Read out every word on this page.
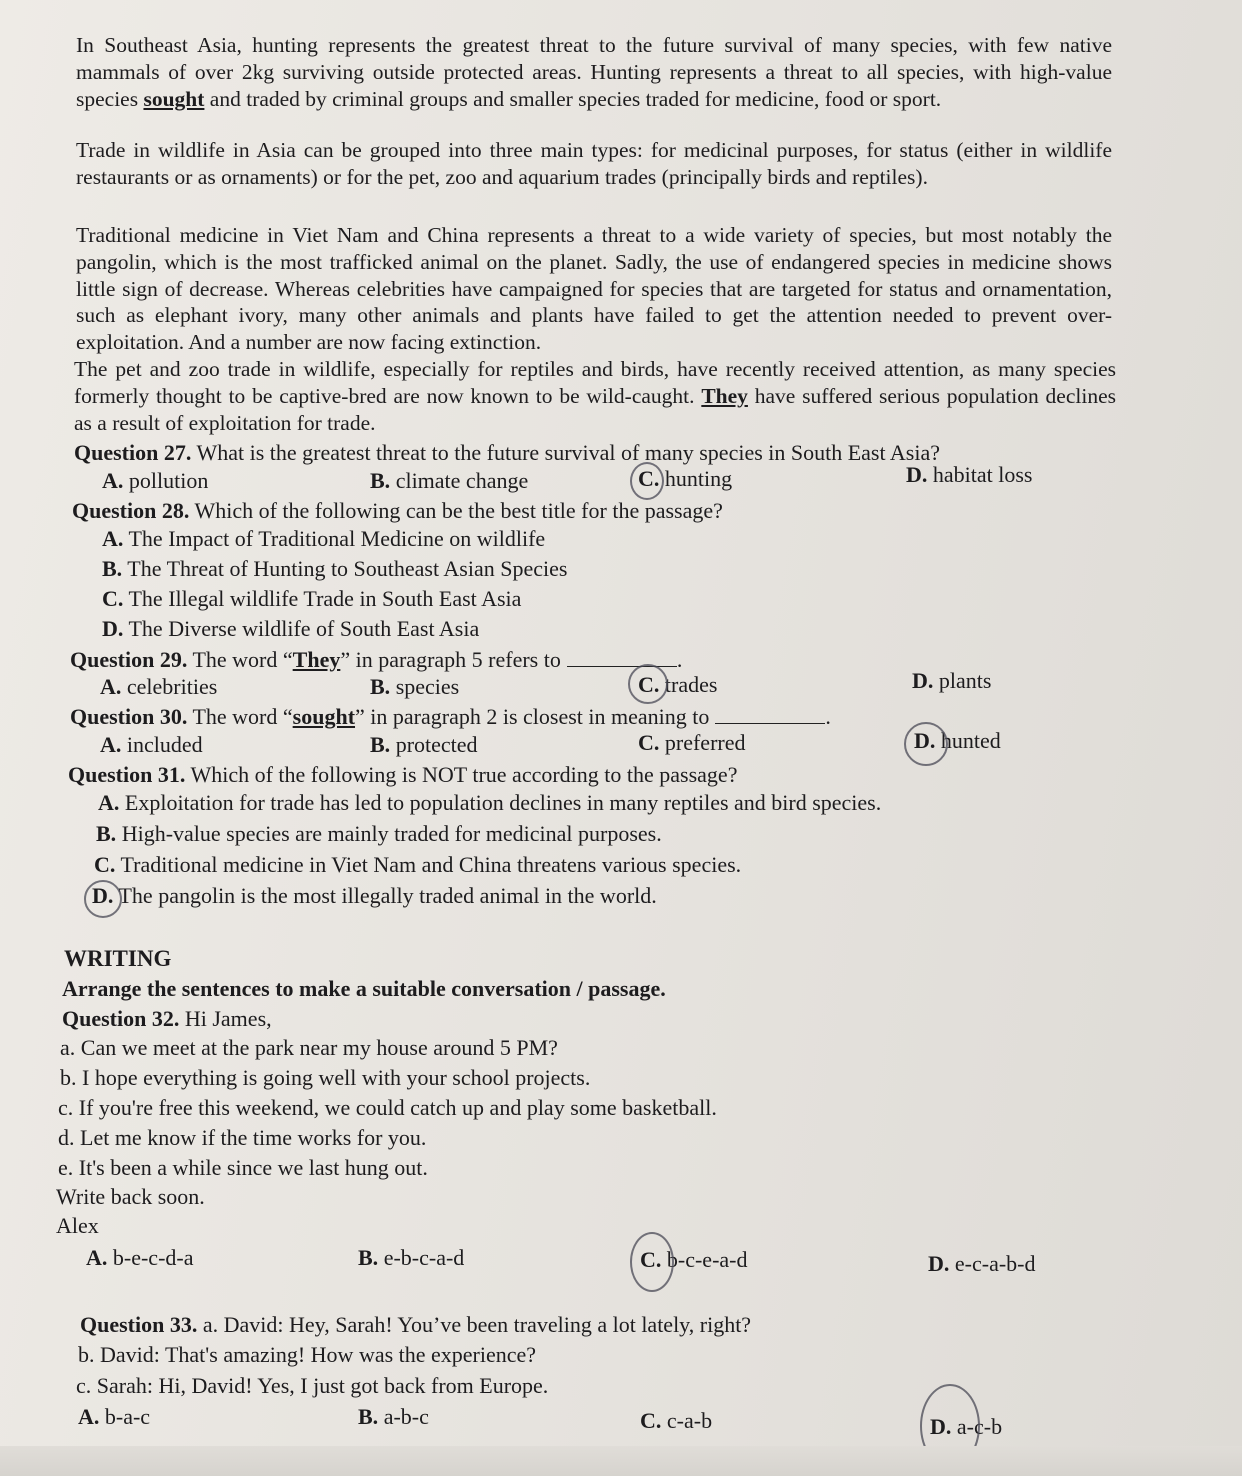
In Southeast Asia, hunting represents the greatest threat to the future survival of many species, with few native mammals of over 2kg surviving outside protected areas. Hunting represents a threat to all species, with high-value species sought and traded by criminal groups and smaller species traded for medicine, food or sport.
Trade in wildlife in Asia can be grouped into three main types: for medicinal purposes, for status (either in wildlife restaurants or as ornaments) or for the pet, zoo and aquarium trades (principally birds and reptiles).
Traditional medicine in Viet Nam and China represents a threat to a wide variety of species, but most notably the pangolin, which is the most trafficked animal on the planet. Sadly, the use of endangered species in medicine shows little sign of decrease. Whereas celebrities have campaigned for species that are targeted for status and ornamentation, such as elephant ivory, many other animals and plants have failed to get the attention needed to prevent over-exploitation. And a number are now facing extinction.
The pet and zoo trade in wildlife, especially for reptiles and birds, have recently received attention, as many species formerly thought to be captive-bred are now known to be wild-caught. They have suffered serious population declines as a result of exploitation for trade.
Question 27. What is the greatest threat to the future survival of many species in South East Asia?
A. pollution	B. climate change	C. hunting	D. habitat loss
Question 28. Which of the following can be the best title for the passage?
A. The Impact of Traditional Medicine on wildlife
B. The Threat of Hunting to Southeast Asian Species
C. The Illegal wildlife Trade in South East Asia
D. The Diverse wildlife of South East Asia
Question 29. The word “They” in paragraph 5 refers to	.
A. celebrities	B. species	C. trades	D. plants
Question 30. The word “sought” in paragraph 2 is closest in meaning to	.
A. included	B. protected	C. preferred	D. hunted
Question 31. Which of the following is NOT true according to the passage?
A. Exploitation for trade has led to population declines in many reptiles and bird species.
B. High-value species are mainly traded for medicinal purposes.
C. Traditional medicine in Viet Nam and China threatens various species.
D. The pangolin is the most illegally traded animal in the world.
WRITING
Arrange the sentences to make a suitable conversation / passage.
Question 32. Hi James,
a. Can we meet at the park near my house around 5 PM?
b. I hope everything is going well with your school projects.
c. If you're free this weekend, we could catch up and play some basketball.
d. Let me know if the time works for you.
e. It's been a while since we last hung out.
Write back soon.
Alex
A. b-e-c-d-a	B. e-b-c-a-d	C. b-c-e-a-d	D. e-c-a-b-d
Question 33. a. David: Hey, Sarah! You’ve been traveling a lot lately, right?
b. David: That's amazing! How was the experience?
c. Sarah: Hi, David! Yes, I just got back from Europe.
A. b-a-c	B. a-b-c	C. c-a-b	D. a-c-b
